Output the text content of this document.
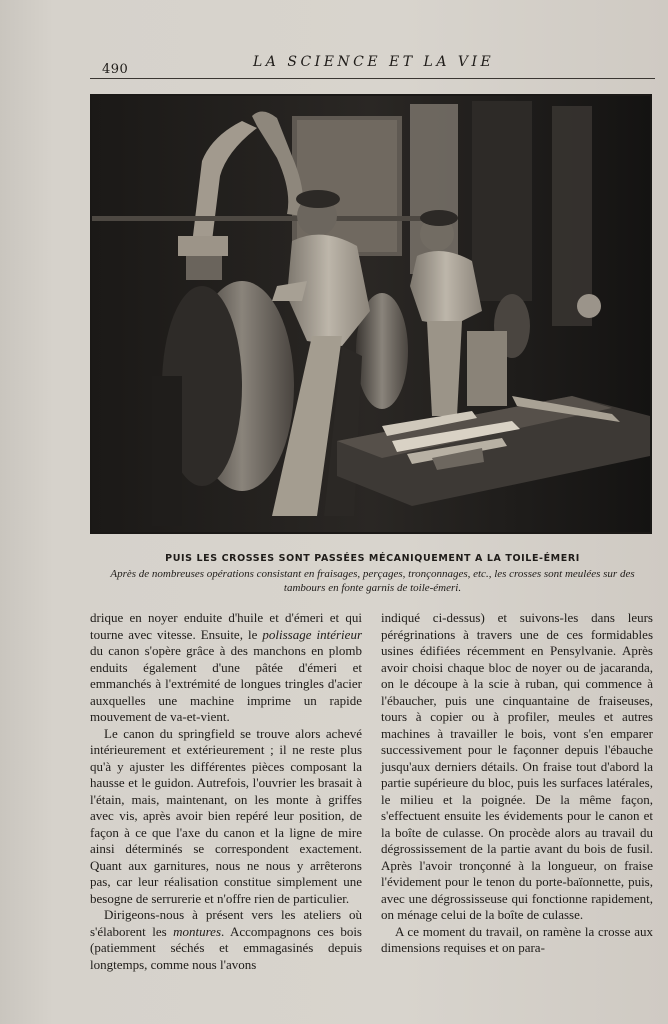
490	LA SCIENCE ET LA VIE
PUIS LES CROSSES SONT PASSÉES MÉCANIQUEMENT A LA TOILE-ÉMERI
Après de nombreuses opérations consistant en fraisages, perçages, tronçonnages, etc., les crosses sont meulées sur des tambours en fonte garnis de toile-émeri.

drique en noyer enduite d'huile et d'émeri et qui tourne avec vitesse. Ensuite, le polissage intérieur du canon s'opère grâce à des manchons en plomb enduits également d'une pâtée d'émeri et emmanchés à l'extrémité de longues tringles d'acier auxquelles une machine imprime un rapide mouvement de va-et-vient.

Le canon du springfield se trouve alors achevé intérieurement et extérieurement ; il ne reste plus qu'à y ajuster les différentes pièces composant la hausse et le guidon. Autrefois, l'ouvrier les brasait à l'étain, mais, maintenant, on les monte à griffes avec vis, après avoir bien repéré leur position, de façon à ce que l'axe du canon et la ligne de mire ainsi déterminés se correspondent exactement. Quant aux garnitures, nous ne nous y arrêterons pas, car leur réalisation constitue simplement une besogne de serrurerie et n'offre rien de particulier.

Dirigeons-nous à présent vers les ateliers où s'élaborent les montures. Accompagnons ces bois (patiemment séchés et emmagasinés depuis longtemps, comme nous l'avons

indiqué ci-dessus) et suivons-les dans leurs pérégrinations à travers une de ces formidables usines édifiées récemment en Pensylvanie. Après avoir choisi chaque bloc de noyer ou de jacaranda, on le découpe à la scie à ruban, qui commence à l'ébaucher, puis une cinquantaine de fraiseuses, tours à copier ou à profiler, meules et autres machines à travailler le bois, vont s'en emparer successivement pour le façonner depuis l'ébauche jusqu'aux derniers détails. On fraise tout d'abord la partie supérieure du bloc, puis les surfaces latérales, le milieu et la poignée. De la même façon, s'effectuent ensuite les évidements pour le canon et la boîte de culasse. On procède alors au travail du dégrossissement de la partie avant du bois de fusil. Après l'avoir tronçonné à la longueur, on fraise l'évidement pour le tenon du porte-baïonnette, puis, avec une dégrossisseuse qui fonctionne rapidement, on ménage celui de la boîte de culasse.

A ce moment du travail, on ramène la crosse aux dimensions requises et on para-
